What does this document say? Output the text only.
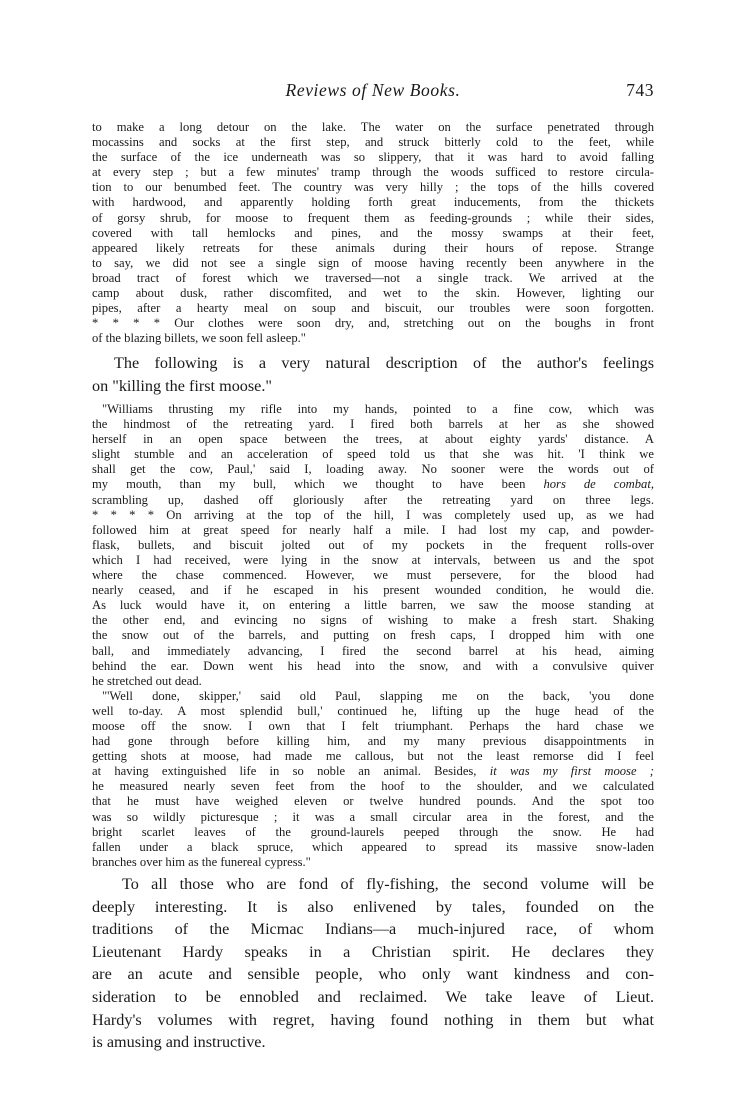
Reviews of New Books.	743
to make a long detour on the lake. The water on the surface penetrated through
mocassins and socks at the first step, and struck bitterly cold to the feet, while
the surface of the ice underneath was so slippery, that it was hard to avoid falling
at every step ; but a few minutes' tramp through the woods sufficed to restore circula-
tion to our benumbed feet. The country was very hilly ; the tops of the hills covered
with hardwood, and apparently holding forth great inducements, from the thickets
of gorsy shrub, for moose to frequent them as feeding-grounds ; while their sides,
covered with tall hemlocks and pines, and the mossy swamps at their feet,
appeared likely retreats for these animals during their hours of repose. Strange
to say, we did not see a single sign of moose having recently been anywhere in the
broad tract of forest which we traversed—not a single track. We arrived at the
camp about dusk, rather discomfited, and wet to the skin. However, lighting our
pipes, after a hearty meal on soup and biscuit, our troubles were soon forgotten.
* * * * Our clothes were soon dry, and, stretching out on the boughs in front
of the blazing billets, we soon fell asleep."
The following is a very natural description of the author's feelings
on "killing the first moose."
"Williams thrusting my rifle into my hands, pointed to a fine cow, which was
the hindmost of the retreating yard. I fired both barrels at her as she showed
herself in an open space between the trees, at about eighty yards' distance. A
slight stumble and an acceleration of speed told us that she was hit. 'I think we
shall get the cow, Paul,' said I, loading away. No sooner were the words out of
my mouth, than my bull, which we thought to have been hors de combat,
scrambling up, dashed off gloriously after the retreating yard on three legs.
* * * * On arriving at the top of the hill, I was completely used up, as we had
followed him at great speed for nearly half a mile. I had lost my cap, and powder-
flask, bullets, and biscuit jolted out of my pockets in the frequent rolls-over
which I had received, were lying in the snow at intervals, between us and the spot
where the chase commenced. However, we must persevere, for the blood had
nearly ceased, and if he escaped in his present wounded condition, he would die.
As luck would have it, on entering a little barren, we saw the moose standing at
the other end, and evincing no signs of wishing to make a fresh start. Shaking
the snow out of the barrels, and putting on fresh caps, I dropped him with one
ball, and immediately advancing, I fired the second barrel at his head, aiming
behind the ear. Down went his head into the snow, and with a convulsive quiver
he stretched out dead.
"'Well done, skipper,' said old Paul, slapping me on the back, 'you done
well to-day. A most splendid bull,' continued he, lifting up the huge head of the
moose off the snow. I own that I felt triumphant. Perhaps the hard chase we
had gone through before killing him, and my many previous disappointments in
getting shots at moose, had made me callous, but not the least remorse did I feel
at having extinguished life in so noble an animal. Besides, it was my first moose ;
he measured nearly seven feet from the hoof to the shoulder, and we calculated
that he must have weighed eleven or twelve hundred pounds. And the spot too
was so wildly picturesque ; it was a small circular area in the forest, and the
bright scarlet leaves of the ground-laurels peeped through the snow. He had
fallen under a black spruce, which appeared to spread its massive snow-laden
branches over him as the funereal cypress."
To all those who are fond of fly-fishing, the second volume will be
deeply interesting. It is also enlivened by tales, founded on the
traditions of the Micmac Indians—a much-injured race, of whom
Lieutenant Hardy speaks in a Christian spirit. He declares they
are an acute and sensible people, who only want kindness and con-
sideration to be ennobled and reclaimed. We take leave of Lieut.
Hardy's volumes with regret, having found nothing in them but what
is amusing and instructive.
